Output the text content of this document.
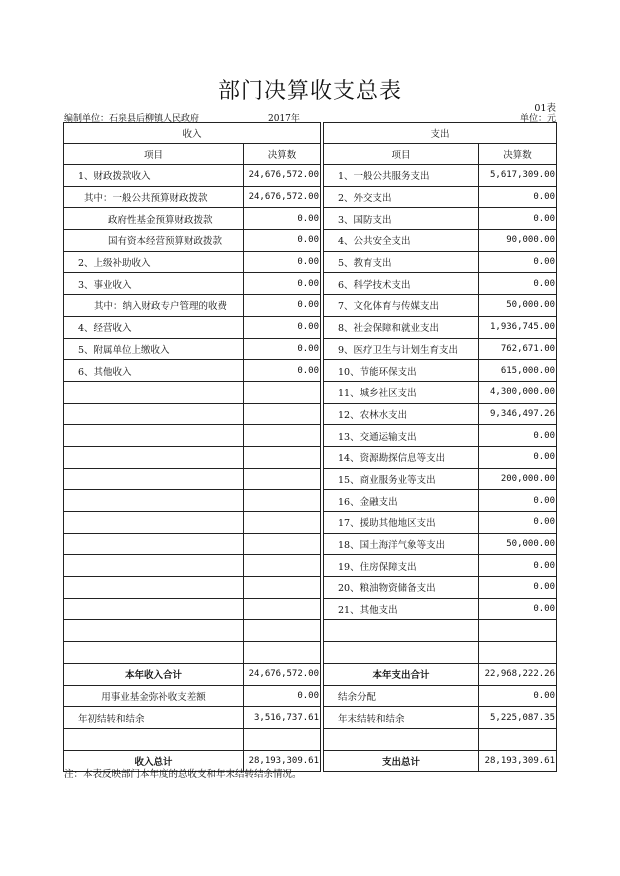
部门决算收支总表
01表
编制单位：石泉县后柳镇人民政府	2017年	单位：元
收入			支出	
项目	决算数		项目	决算数
1、财政拨款收入	24,676,572.00		1、一般公共服务支出	5,617,309.00
其中：一般公共预算财政拨款	24,676,572.00		2、外交支出	0.00
政府性基金预算财政拨款	0.00		3、国防支出	0.00
国有资本经营预算财政拨款	0.00		4、公共安全支出	90,000.00
2、上级补助收入	0.00		5、教育支出	0.00
3、事业收入	0.00		6、科学技术支出	0.00
其中：纳入财政专户管理的收费	0.00		7、文化体育与传媒支出	50,000.00
4、经营收入	0.00		8、社会保障和就业支出	1,936,745.00
5、附属单位上缴收入	0.00		9、医疗卫生与计划生育支出	762,671.00
6、其他收入	0.00		10、节能环保支出	615,000.00
			11、城乡社区支出	4,300,000.00
			12、农林水支出	9,346,497.26
			13、交通运输支出	0.00
			14、资源勘探信息等支出	0.00
			15、商业服务业等支出	200,000.00
			16、金融支出	0.00
			17、援助其他地区支出	0.00
			18、国土海洋气象等支出	50,000.00
			19、住房保障支出	0.00
			20、粮油物资储备支出	0.00
			21、其他支出	0.00

本年收入合计	24,676,572.00		本年支出合计	22,968,222.26
用事业基金弥补收支差额	0.00		结余分配	0.00
年初结转和结余	3,516,737.61		年末结转和结余	5,225,087.35

收入总计	28,193,309.61		支出总计	28,193,309.61
注：本表反映部门本年度的总收支和年末结转结余情况。
